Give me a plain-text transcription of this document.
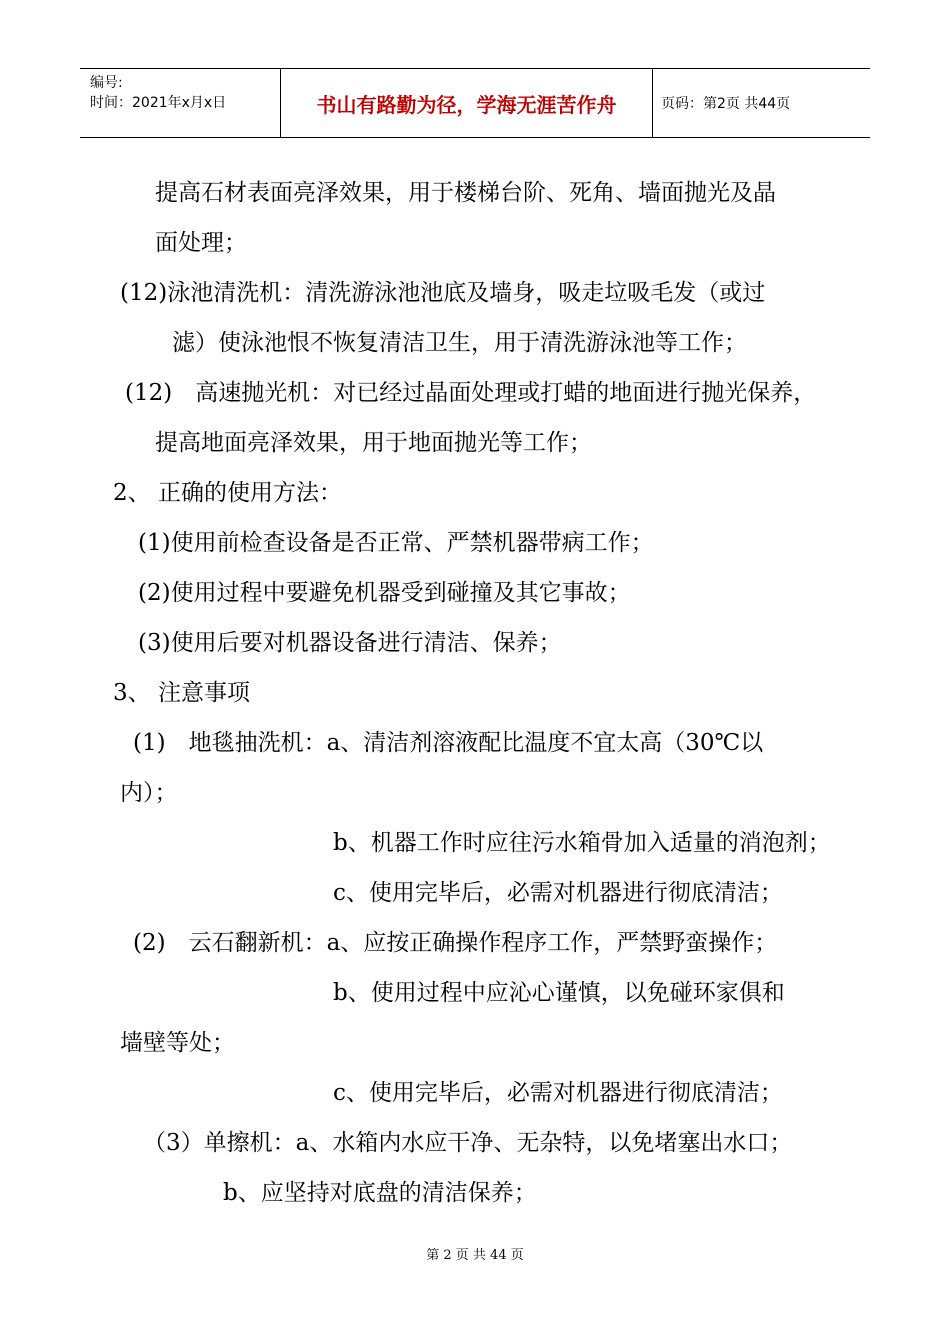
编号:
时间：2021年x月x日	书山有路勤为径，学海无涯苦作舟	页码：第2页 共44页
提高石材表面亮泽效果，用于楼梯台阶、死角、墙面抛光及晶
面处理；
(12)泳池清洗机：清洗游泳池池底及墙身，吸走垃吸毛发（或过
滤）使泳池恨不恢复清洁卫生，用于清洗游泳池等工作；
(12)　高速抛光机：对已经过晶面处理或打蜡的地面进行抛光保养，
提高地面亮泽效果，用于地面抛光等工作；
2、 正确的使用方法：
(1)使用前检查设备是否正常、严禁机器带病工作；
(2)使用过程中要避免机器受到碰撞及其它事故；
(3)使用后要对机器设备进行清洁、保养；
3、 注意事项
(1)　地毯抽洗机：a、清洁剂溶液配比温度不宜太高（30℃以
内）；
b、机器工作时应往污水箱骨加入适量的消泡剂；
c、使用完毕后，必需对机器进行彻底清洁；
(2)　云石翻新机：a、应按正确操作程序工作，严禁野蛮操作；
b、使用过程中应沁心谨慎，以免碰环家俱和
墙壁等处；
c、使用完毕后，必需对机器进行彻底清洁；
（3）单擦机：a、水箱内水应干净、无杂特，以免堵塞出水口；
b、应坚持对底盘的清洁保养；
第 2 页 共 44 页
